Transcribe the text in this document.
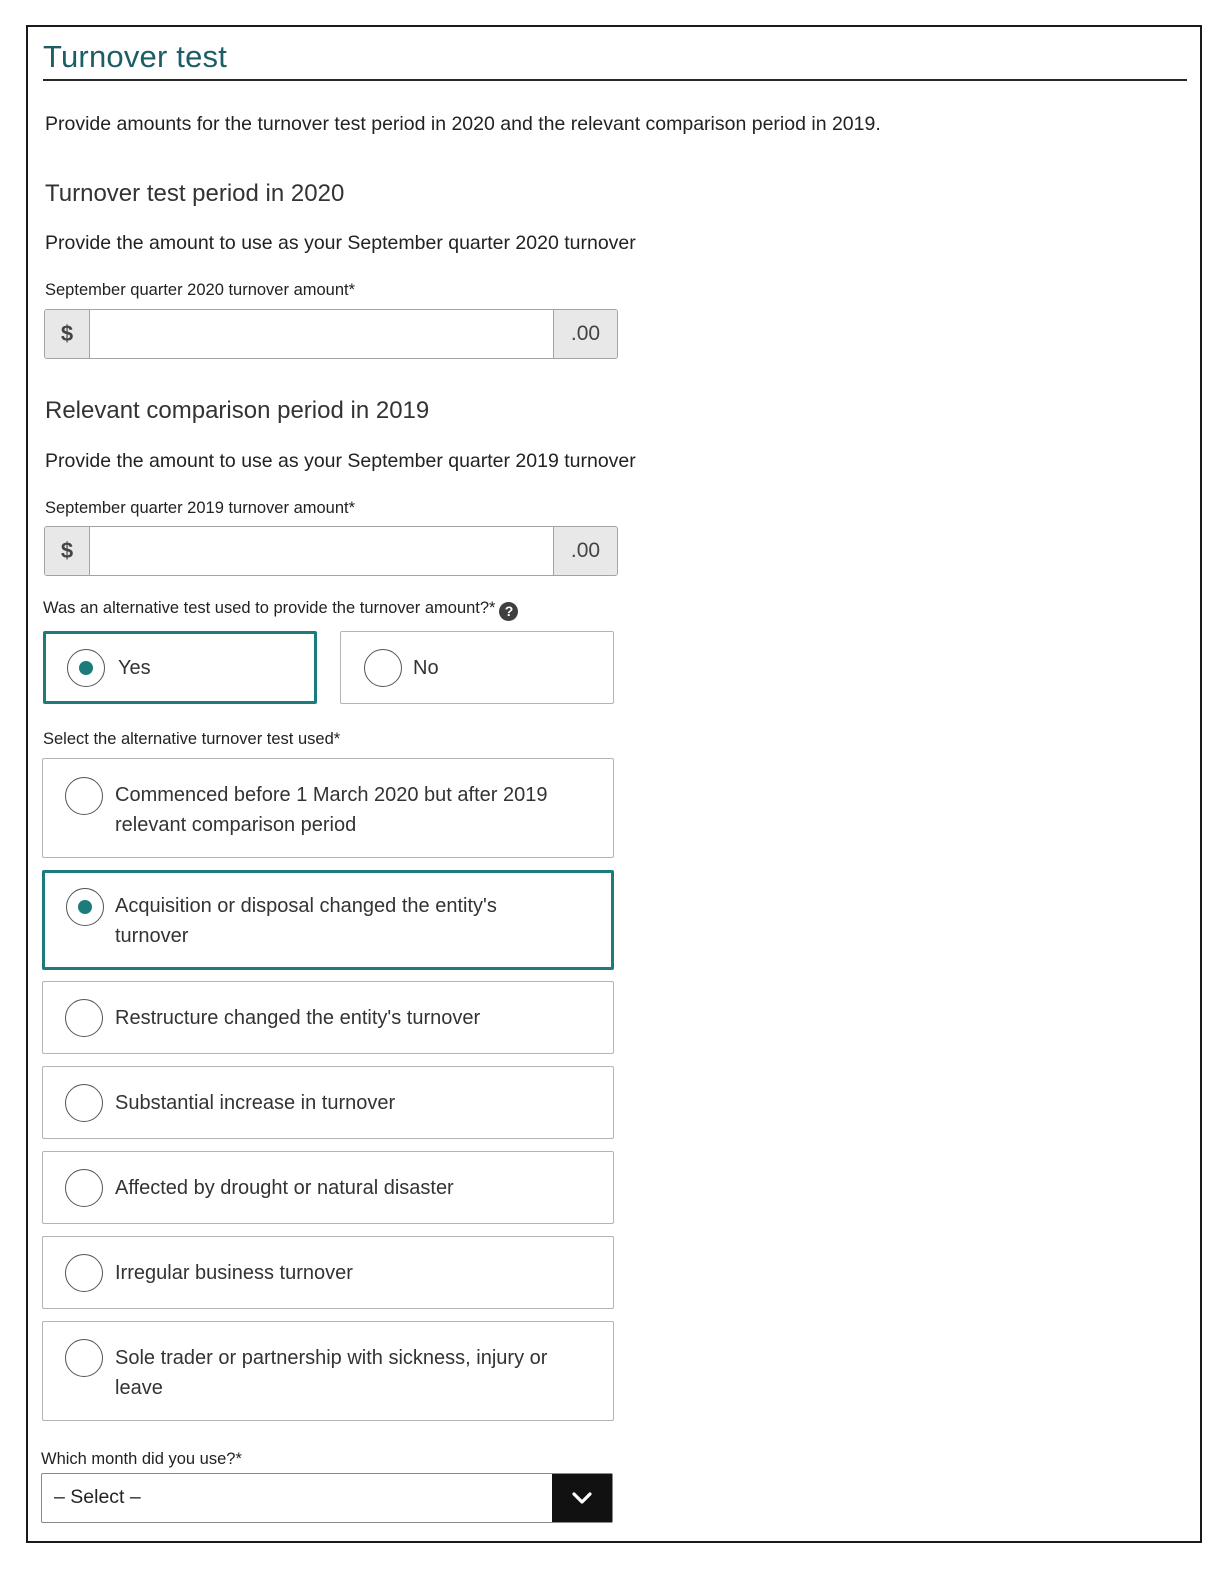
Turnover test
Provide amounts for the turnover test period in 2020 and the relevant comparison period in 2019.
Turnover test period in 2020
Provide the amount to use as your September quarter 2020 turnover
September quarter 2020 turnover amount*
$	.00
Relevant comparison period in 2019
Provide the amount to use as your September quarter 2019 turnover
September quarter 2019 turnover amount*
$	.00
Was an alternative test used to provide the turnover amount?* ?
Yes	No
Select the alternative turnover test used*
Commenced before 1 March 2020 but after 2019
relevant comparison period
Acquisition or disposal changed the entity's
turnover
Restructure changed the entity's turnover
Substantial increase in turnover
Affected by drought or natural disaster
Irregular business turnover
Sole trader or partnership with sickness, injury or
leave
Which month did you use?*
– Select –
